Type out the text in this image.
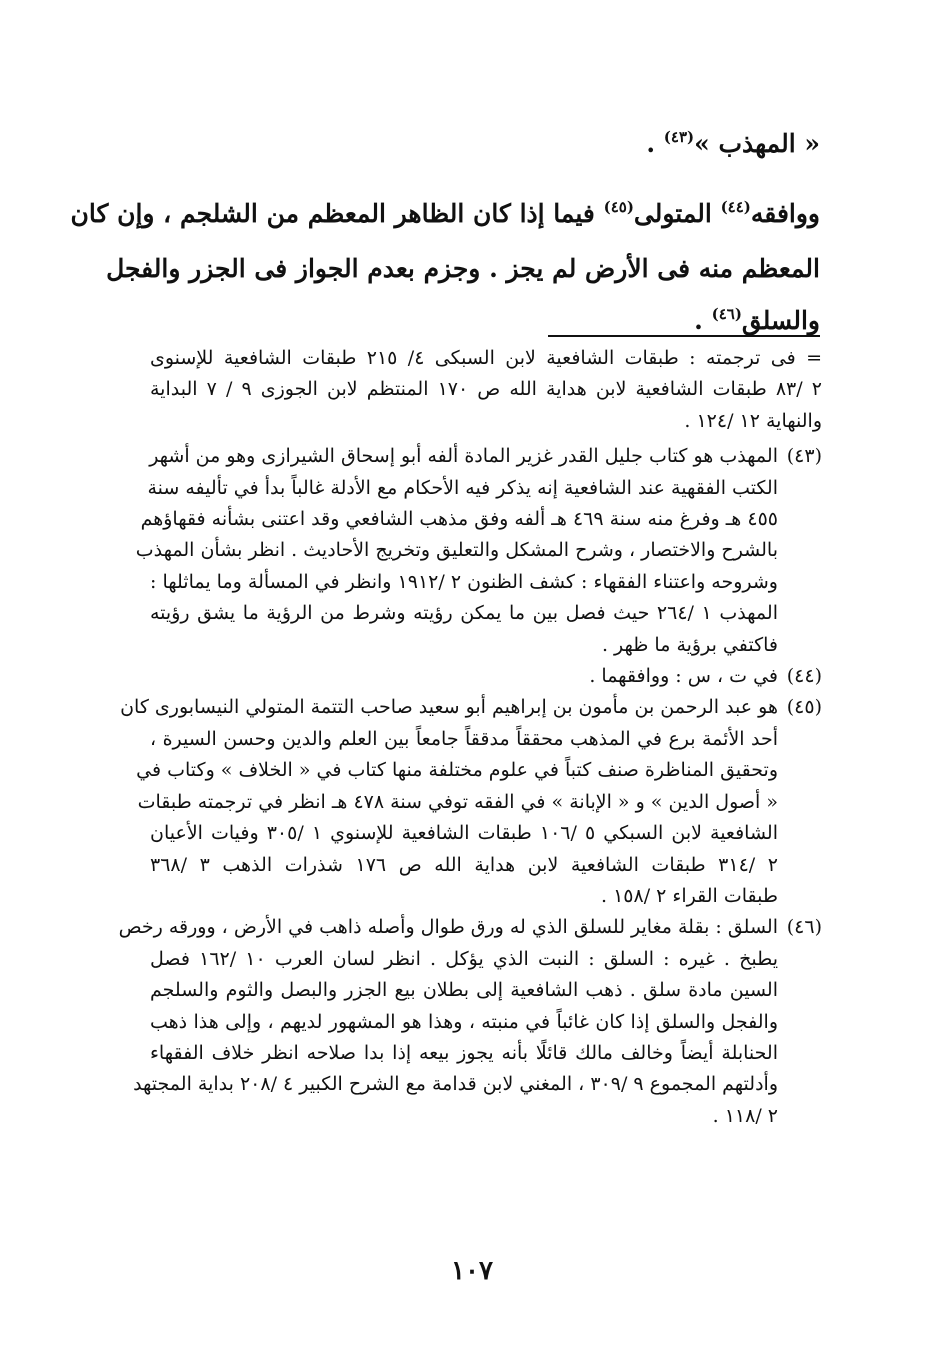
« المهذب »$^{(٤٣)}$ .
ووافقه$^{(٤٤)}$ المتولى$^{(٤٥)}$ فيما إذا كان الظاهر المعظم من الشلجم ، وإن كان
المعظم منه فى الأرض لم يجز . وجزم بعدم الجواز فى الجزر والفجل
والسلق$^{(٤٦)}$ .
= فى ترجمته : طبقات الشافعية لابن السبكى ٤/ ٢١٥ طبقات الشافعية للإسنوى
٢ /٨٣ طبقات الشافعية لابن هداية الله ص ١٧٠ المنتظم لابن الجوزى ٩ / ٧ البداية
والنهاية ١٢ /١٢٤ .
(٤٣)
المهذب هو كتاب جليل القدر غزير المادة ألفه أبو إسحاق الشيرازى وهو من أشهر
الكتب الفقهية عند الشافعية إنه يذكر فيه الأحكام مع الأدلة غالباً بدأ في تأليفه سنة
٤٥٥ هـ وفرغ منه سنة ٤٦٩ هـ ألفه وفق مذهب الشافعي وقد اعتنى بشأنه فقهاؤهم
بالشرح والاختصار ، وشرح المشكل والتعليق وتخريج الأحاديث . انظر بشأن المهذب
وشروحه واعتناء الفقهاء : كشف الظنون ٢ /١٩١٢ وانظر في المسألة وما يماثلها :
المهذب ١ /٢٦٤ حيث فصل بين ما يمكن رؤيته وشرط من الرؤية ما يشق رؤيته
فاكتفي برؤية ما ظهر .
(٤٤)
في ت ، س : ووافقهما .
(٤٥)
هو عبد الرحمن بن مأمون بن إبراهيم أبو سعيد صاحب التتمة المتولي النيسابورى كان
أحد الأئمة برع في المذهب محققاً مدققاً جامعاً بين العلم والدين وحسن السيرة ،
وتحقيق المناظرة صنف كتباً في علوم مختلفة منها كتاب في « الخلاف » وكتاب في
« أصول الدين » و « الإبانة » في الفقه توفي سنة ٤٧٨ هـ انظر في ترجمته طبقات
الشافعية لابن السبكي ٥ /١٠٦ طبقات الشافعية للإسنوي ١ /٣٠٥ وفيات الأعيان
٢ /٣١٤ طبقات الشافعية لابن هداية الله ص ١٧٦ شذرات الذهب ٣ /٣٦٨
طبقات القراء ٢ /١٥٨ .
(٤٦)
السلق : بقلة مغاير للسلق الذي له ورق طوال وأصله ذاهب في الأرض ، وورقه رخص
يطبخ . غيره : السلق : النبت الذي يؤكل . انظر لسان العرب ١٠ /١٦٢ فصل
السين مادة سلق . ذهب الشافعية إلى بطلان بيع الجزر والبصل والثوم والسلجم
والفجل والسلق إذا كان غائباً في منبته ، وهذا هو المشهور لديهم ، وإلى هذا ذهب
الحنابلة أيضاً وخالف مالك قائلًا بأنه يجوز بيعه إذا بدا صلاحه انظر خلاف الفقهاء
وأدلتهم المجموع ٩ /٣٠٩ ، المغني لابن قدامة مع الشرح الكبير ٤ /٢٠٨ بداية المجتهد
٢ /١١٨ .
١٠٧
